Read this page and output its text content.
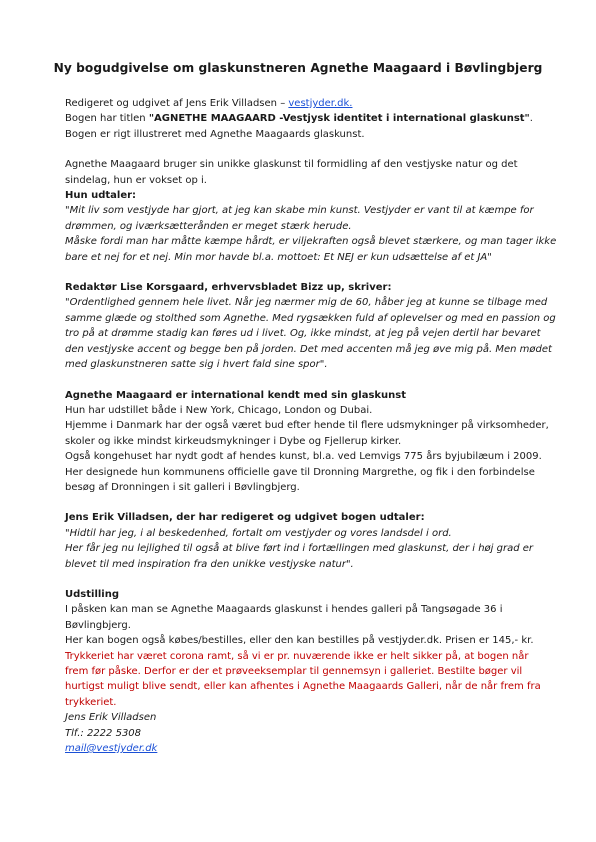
Ny bogudgivelse om glaskunstneren Agnethe Maagaard i Bøvlingbjerg

Redigeret og udgivet af Jens Erik Villadsen – vestjyder.dk.

Bogen har titlen "AGNETHE MAAGAARD -Vestjysk identitet i international glaskunst".

Bogen er rigt illustreret med Agnethe Maagaards glaskunst.

Agnethe Maagaard bruger sin unikke glaskunst til formidling af den vestjyske natur og det

sindelag, hun er vokset op i.

Hun udtaler:

"Mit liv som vestjyde har gjort, at jeg kan skabe min kunst. Vestjyder er vant til at kæmpe for

drømmen, og iværksætterånden er meget stærk herude.

Måske fordi man har måtte kæmpe hårdt, er viljekraften også blevet stærkere, og man tager ikke

bare et nej for et nej. Min mor havde bl.a. mottoet: Et NEJ er kun udsættelse af et JA"

Redaktør Lise Korsgaard, erhvervsbladet Bizz up, skriver:

"Ordentlighed gennem hele livet. Når jeg nærmer mig de 60, håber jeg at kunne se tilbage med

samme glæde og stolthed som Agnethe. Med rygsækken fuld af oplevelser og med en passion og

tro på at drømme stadig kan føres ud i livet. Og, ikke mindst, at jeg på vejen dertil har bevaret

den vestjyske accent og begge ben på jorden. Det med accenten må jeg øve mig på. Men mødet

med glaskunstneren satte sig i hvert fald sine spor".

Agnethe Maagaard er international kendt med sin glaskunst

Hun har udstillet både i New York, Chicago, London og Dubai.

Hjemme i Danmark har der også været bud efter hende til flere udsmykninger på virksomheder,

skoler og ikke mindst kirkeudsmykninger i Dybe og Fjellerup kirker.

Også kongehuset har nydt godt af hendes kunst, bl.a. ved Lemvigs 775 års byjubilæum i 2009.

Her designede hun kommunens officielle gave til Dronning Margrethe, og fik i den forbindelse

besøg af Dronningen i sit galleri i Bøvlingbjerg.

Jens Erik Villadsen, der har redigeret og udgivet bogen udtaler:

"Hidtil har jeg, i al beskedenhed, fortalt om vestjyder og vores landsdel i ord.

Her får jeg nu lejlighed til også at blive ført ind i fortællingen med glaskunst, der i høj grad er

blevet til med inspiration fra den unikke vestjyske natur".

Udstilling

I påsken kan man se Agnethe Maagaards glaskunst i hendes galleri på Tangsøgade 36 i

Bøvlingbjerg.

Her kan bogen også købes/bestilles, eller den kan bestilles på vestjyder.dk. Prisen er 145,- kr.

Trykkeriet har været corona ramt, så vi er pr. nuværende ikke er helt sikker på, at bogen når

frem før påske. Derfor er der et prøveeksemplar til gennemsyn i galleriet. Bestilte bøger vil

hurtigst muligt blive sendt, eller kan afhentes i Agnethe Maagaards Galleri, når de når frem fra

trykkeriet.

Jens Erik Villadsen

Tlf.: 2222 5308

mail@vestjyder.dk
